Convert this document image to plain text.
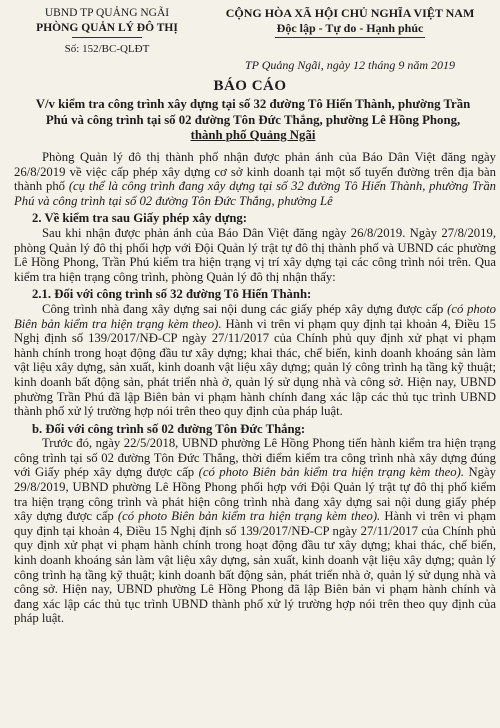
UBND TP QUẢNG NGÃI
PHÒNG QUẢN LÝ ĐÔ THỊ
Số: 152/BC-QLĐT
CỘNG HÒA XÃ HỘI CHỦ NGHĨA VIỆT NAM
Độc lập - Tự do - Hạnh phúc
TP Quảng Ngãi, ngày 12 tháng 9 năm 2019
BÁO CÁO
V/v kiểm tra công trình xây dựng tại số 32 đường Tô Hiến Thành, phường Trần
Phú và công trình tại số 02 đường Tôn Đức Thắng, phường Lê Hồng Phong,
thành phố Quảng Ngãi

Phòng Quản lý đô thị thành phố nhận được phản ánh của Báo Dân Việt đăng ngày 26/8/2019 về việc cấp phép xây dựng cơ sở kinh doanh tại một số tuyến đường trên địa bàn thành phố (cụ thể là công trình đang xây dựng tại số 32 đường Tô Hiến Thành, phường Trần Phú và công trình tại số 02 đường Tôn Đức Thắng, phường Lê

2. Về kiểm tra sau Giấy phép xây dựng:

Sau khi nhận được phản ánh của Báo Dân Việt đăng ngày 26/8/2019. Ngày 27/8/2019, phòng Quản lý đô thị phối hợp với Đội Quản lý trật tự đô thị thành phố và UBND các phường Lê Hồng Phong, Trần Phú kiểm tra hiện trạng vị trí xây dựng tại các công trình nói trên. Qua kiểm tra hiện trạng công trình, phòng Quản lý đô thị nhận thấy:

2.1. Đối với công trình số 32 đường Tô Hiến Thành:

Công trình nhà đang xây dựng sai nội dung các giấy phép xây dựng được cấp (có photo Biên bản kiểm tra hiện trạng kèm theo). Hành vi trên vi phạm quy định tại khoản 4, Điều 15 Nghị định số 139/2017/NĐ-CP ngày 27/11/2017 của Chính phủ quy định xử phạt vi phạm hành chính trong hoạt động đầu tư xây dựng; khai thác, chế biến, kinh doanh khoáng sản làm vật liệu xây dựng, sản xuất, kinh doanh vật liệu xây dựng; quản lý công trình hạ tầng kỹ thuật; kinh doanh bất động sản, phát triển nhà ở, quản lý sử dụng nhà và công sở. Hiện nay, UBND phường Trần Phú đã lập Biên bản vi phạm hành chính đang xác lập các thủ tục trình UBND thành phố xử lý trường hợp nói trên theo quy định của pháp luật.

b. Đối với công trình số 02 đường Tôn Đức Thắng:

Trước đó, ngày 22/5/2018, UBND phường Lê Hồng Phong tiến hành kiểm tra hiện trạng công trình tại số 02 đường Tôn Đức Thắng, thời điểm kiểm tra công trình nhà xây dựng đúng với Giấy phép xây dựng được cấp (có photo Biên bản kiểm tra hiện trạng kèm theo). Ngày 29/8/2019, UBND phường Lê Hồng Phong phối hợp với Đội Quản lý trật tự đô thị phố kiểm tra hiện trạng công trình và phát hiện công trình nhà đang xây dựng sai nội dung giấy phép xây dựng được cấp (có photo Biên bản kiểm tra hiện trạng kèm theo). Hành vi trên vi phạm quy định tại khoản 4, Điều 15 Nghị định số 139/2017/NĐ-CP ngày 27/11/2017 của Chính phủ quy định xử phạt vi phạm hành chính trong hoạt động đầu tư xây dựng; khai thác, chế biến, kinh doanh khoáng sản làm vật liệu xây dựng, sản xuất, kinh doanh vật liệu xây dựng; quản lý công trình hạ tầng kỹ thuật; kinh doanh bất động sản, phát triển nhà ở, quản lý sử dụng nhà và công sở. Hiện nay, UBND phường Lê Hồng Phong đã lập Biên bản vi phạm hành chính và đang xác lập các thủ tục trình UBND thành phố xử lý trường hợp nói trên theo quy định của pháp luật.
